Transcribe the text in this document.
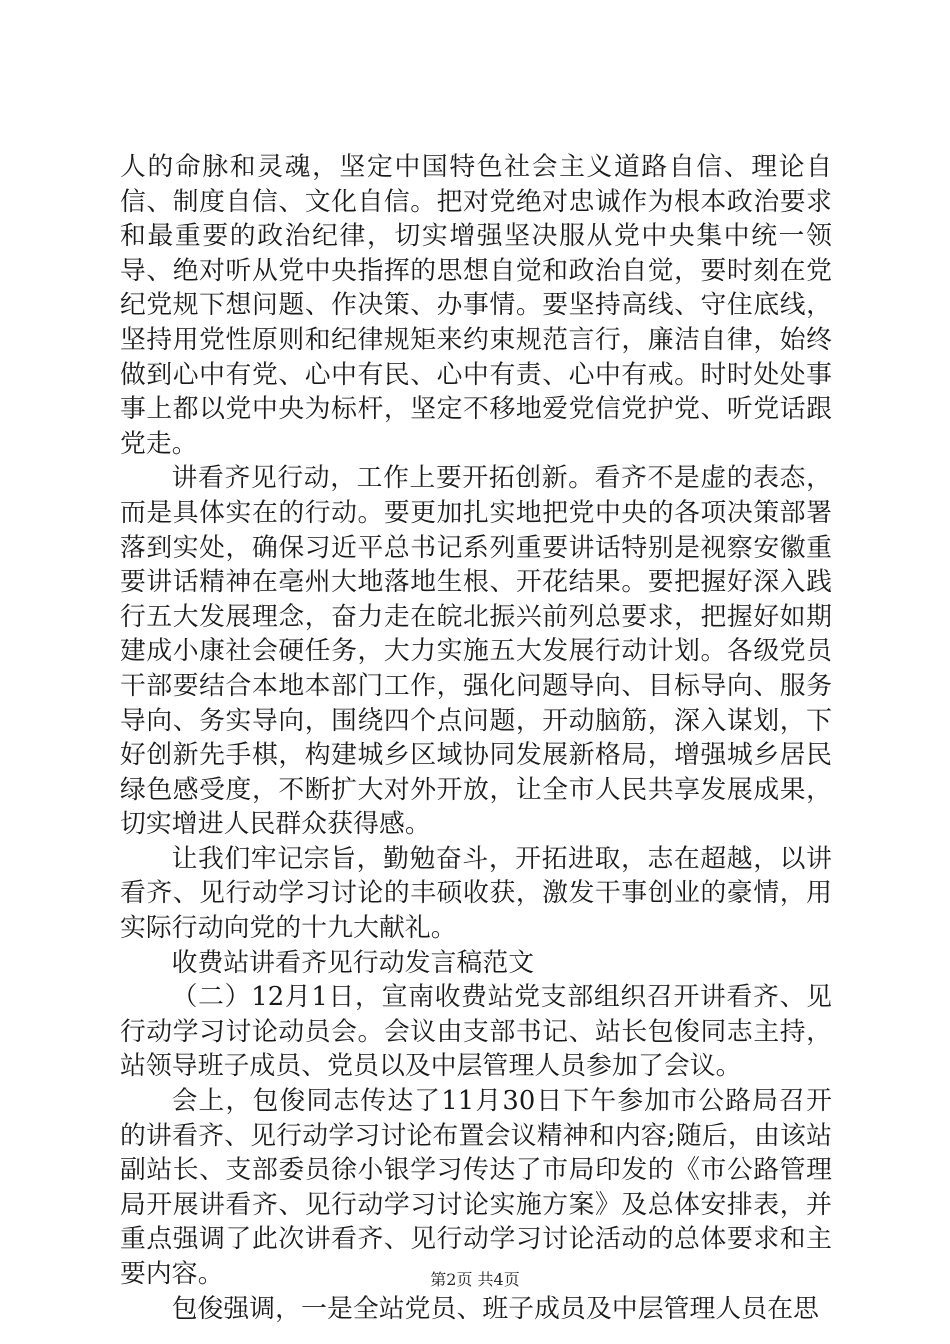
人的命脉和灵魂，坚定中国特色社会主义道路自信、理论自信、制度自信、文化自信。把对党绝对忠诚作为根本政治要求和最重要的政治纪律，切实增强坚决服从党中央集中统一领导、绝对听从党中央指挥的思想自觉和政治自觉，要时刻在党纪党规下想问题、作决策、办事情。要坚持高线、守住底线，坚持用党性原则和纪律规矩来约束规范言行，廉洁自律，始终做到心中有党、心中有民、心中有责、心中有戒。时时处处事事上都以党中央为标杆，坚定不移地爱党信党护党、听党话跟党走。

讲看齐见行动，工作上要开拓创新。看齐不是虚的表态，而是具体实在的行动。要更加扎实地把党中央的各项决策部署落到实处，确保习近平总书记系列重要讲话特别是视察安徽重要讲话精神在亳州大地落地生根、开花结果。要把握好深入践行五大发展理念，奋力走在皖北振兴前列总要求，把握好如期建成小康社会硬任务，大力实施五大发展行动计划。各级党员干部要结合本地本部门工作，强化问题导向、目标导向、服务导向、务实导向，围绕四个点问题，开动脑筋，深入谋划，下好创新先手棋，构建城乡区域协同发展新格局，增强城乡居民绿色感受度，不断扩大对外开放，让全市人民共享发展成果，切实增进人民群众获得感。

让我们牢记宗旨，勤勉奋斗，开拓进取，志在超越，以讲看齐、见行动学习讨论的丰硕收获，激发干事创业的豪情，用实际行动向党的十九大献礼。

收费站讲看齐见行动发言稿范文

（二）12月1日，宣南收费站党支部组织召开讲看齐、见行动学习讨论动员会。会议由支部书记、站长包俊同志主持，站领导班子成员、党员以及中层管理人员参加了会议。

会上，包俊同志传达了11月30日下午参加市公路局召开的讲看齐、见行动学习讨论布置会议精神和内容;随后，由该站副站长、支部委员徐小银学习传达了市局印发的《市公路管理局开展讲看齐、见行动学习讨论实施方案》及总体安排表，并重点强调了此次讲看齐、见行动学习讨论活动的总体要求和主要内容。

包俊强调，一是全站党员、班子成员及中层管理人员在思

第2页 共4页
